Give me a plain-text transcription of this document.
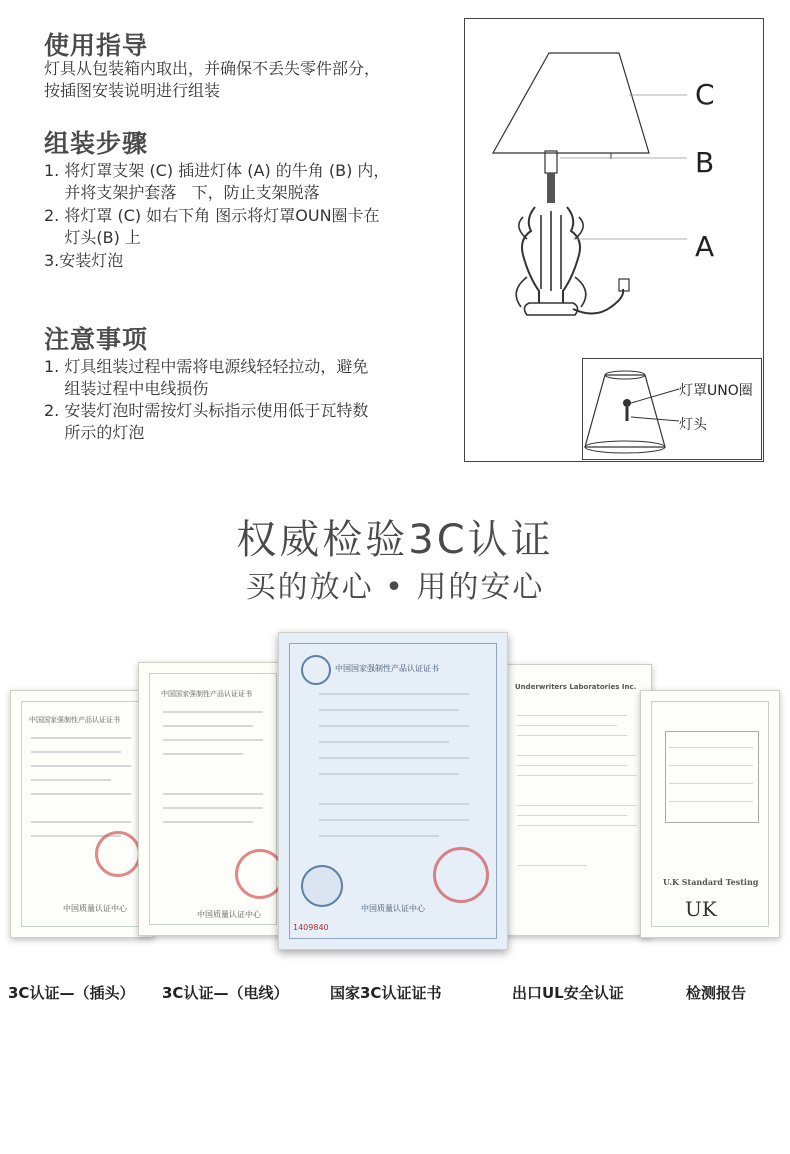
使用指导
灯具从包装箱内取出，并确保不丢失零件部分，
按插图安装说明进行组装
组装步骤
1. 将灯罩支架 (C) 插进灯体 (A) 的牛角 (B) 内，
并将支架护套落   下，防止支架脱落
2. 将灯罩 (C) 如右下角 图示将灯罩OUN圈卡在
灯头(B) 上
3.安装灯泡
注意事项
1. 灯具组装过程中需将电源线轻轻拉动，避免
组装过程中电线损伤
2. 安装灯泡时需按灯头标指示使用低于瓦特数
所示的灯泡
C
B
A
灯罩UNO圈
灯头
权威检验3C认证
买的放心 • 用的安心
中国国家强制性产品认证证书
中国质量认证中心
中国国家强制性产品认证证书
中国质量认证中心
Underwriters Laboratories Inc.
U.K Standard Testing
UK
中国国家强制性产品认证证书
中国质量认证中心
1409840
3C认证—（插头） 3C认证—（电线）	国家3C认证证书	出口UL安全认证	检测报告
